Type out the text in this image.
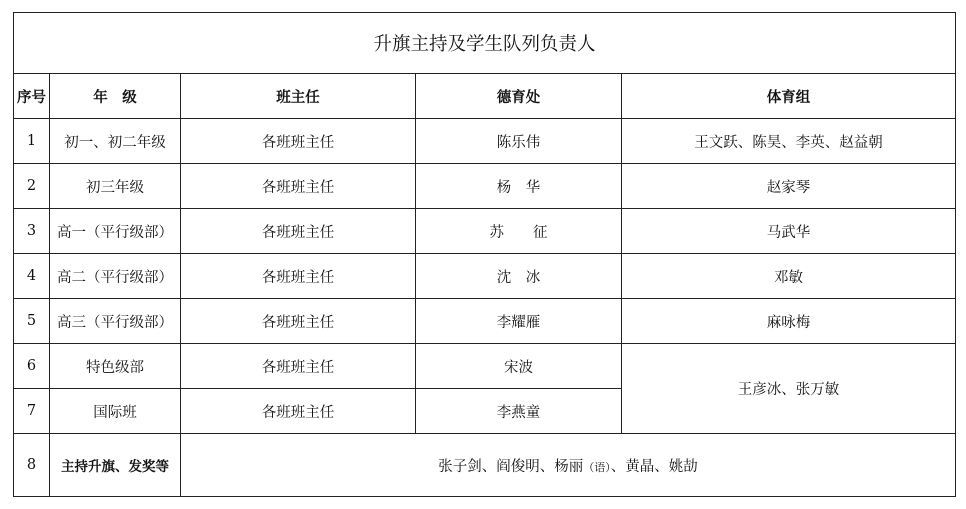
升旗主持及学生队列负责人				
序号	年　级	班主任	德育处	体育组
1	初一、初二年级	各班班主任	陈乐伟	王文跃、陈昊、李英、赵益朝
2	初三年级	各班班主任	杨　华	赵家琴
3	高一（平行级部）	各班班主任	苏　　征	马武华
4	高二（平行级部）	各班班主任	沈　冰	邓敏
5	高三（平行级部）	各班班主任	李耀雁	麻咏梅
6	特色级部	各班班主任	宋波	王彦冰、张万敏
7	国际班	各班班主任	李燕童	
8	主持升旗、发奖等	张子剑、阎俊明、杨丽（语）、黄晶、姚劼		
